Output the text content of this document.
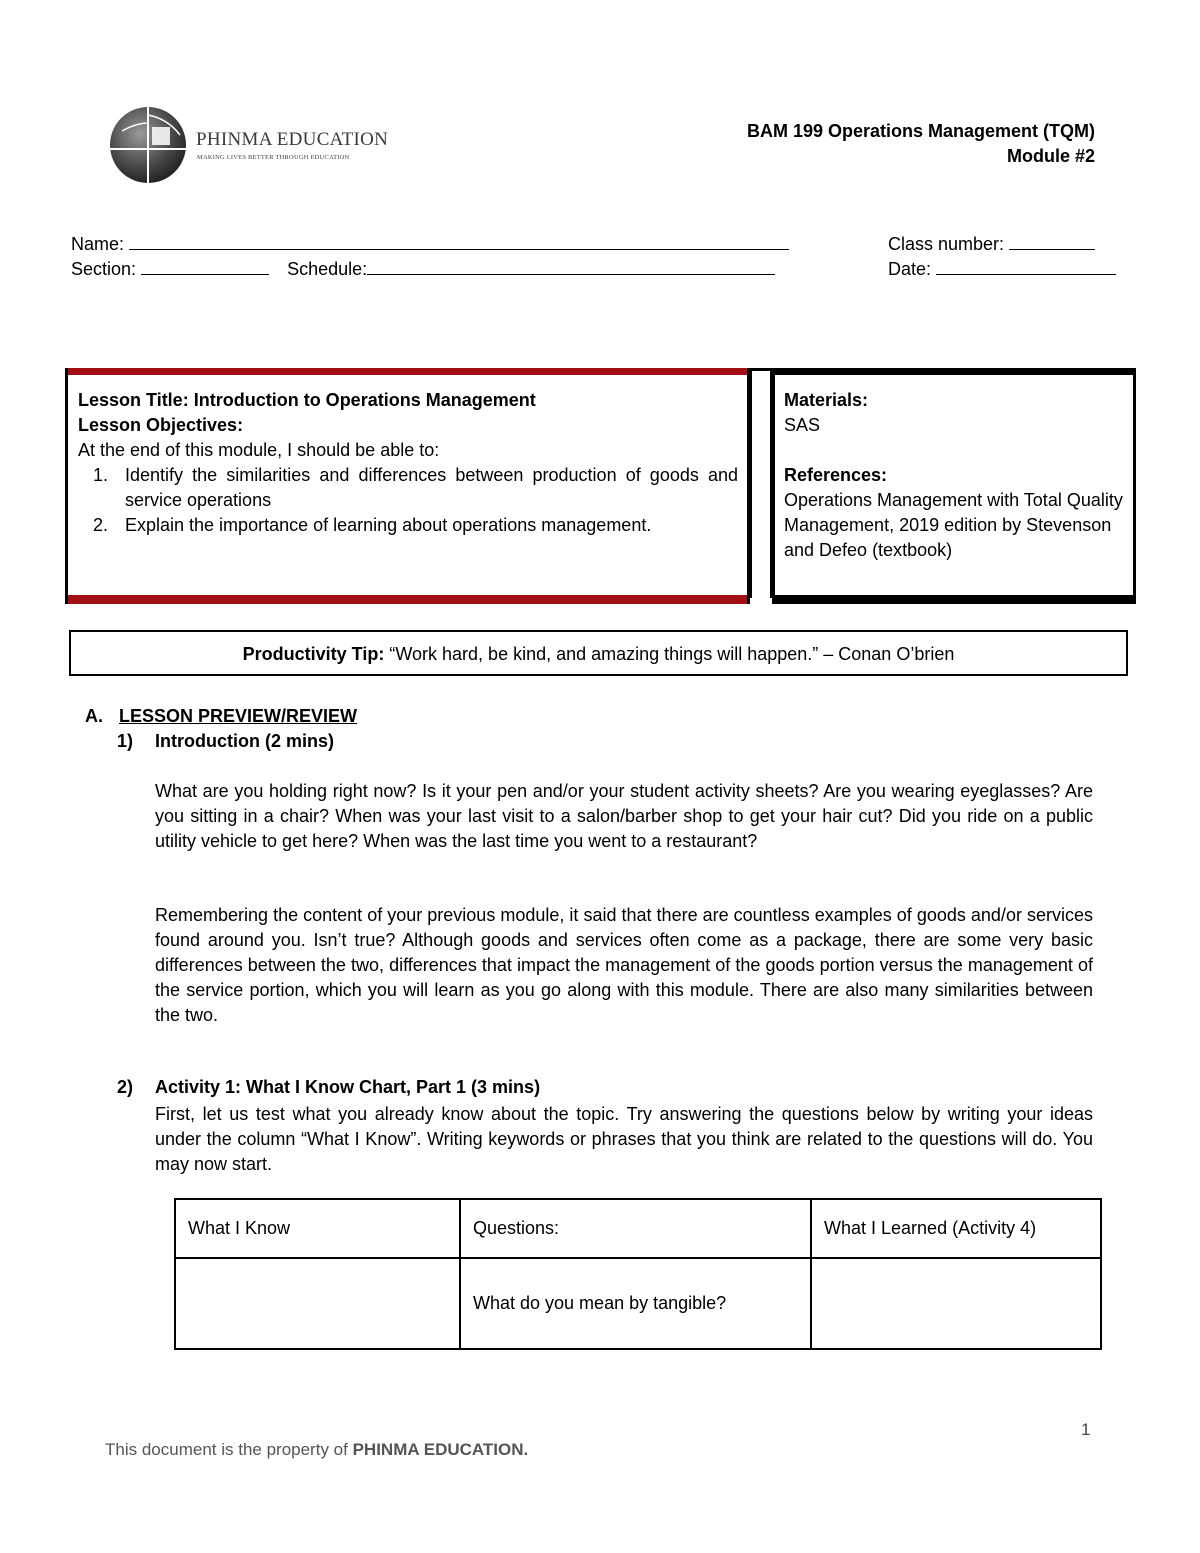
PHINMA EDUCATION
MAKING LIVES BETTER THROUGH EDUCATION
BAM 199 Operations Management (TQM)
Module #2
Name:	Class number:
Section:	Schedule:	Date:
Lesson Title: Introduction to Operations Management
Lesson Objectives:
At the end of this module, I should be able to:
1. Identify the similarities and differences between production of goods and service operations
2. Explain the importance of learning about operations management.
Materials:
SAS
References:
Operations Management with Total Quality Management, 2019 edition by Stevenson and Defeo (textbook)
Productivity Tip: “Work hard, be kind, and amazing things will happen.” – Conan O’brien
A. LESSON PREVIEW/REVIEW
1) Introduction (2 mins)
What are you holding right now? Is it your pen and/or your student activity sheets? Are you wearing eyeglasses? Are you sitting in a chair? When was your last visit to a salon/barber shop to get your hair cut? Did you ride on a public utility vehicle to get here? When was the last time you went to a restaurant?
Remembering the content of your previous module, it said that there are countless examples of goods and/or services found around you. Isn’t true? Although goods and services often come as a package, there are some very basic differences between the two, differences that impact the management of the goods portion versus the management of the service portion, which you will learn as you go along with this module. There are also many similarities between the two.
2) Activity 1: What I Know Chart, Part 1 (3 mins)
First, let us test what you already know about the topic. Try answering the questions below by writing your ideas under the column “What I Know”. Writing keywords or phrases that you think are related to the questions will do. You may now start.
What I Know	Questions:	What I Learned (Activity 4)
	What do you mean by tangible?	
1
This document is the property of PHINMA EDUCATION.
